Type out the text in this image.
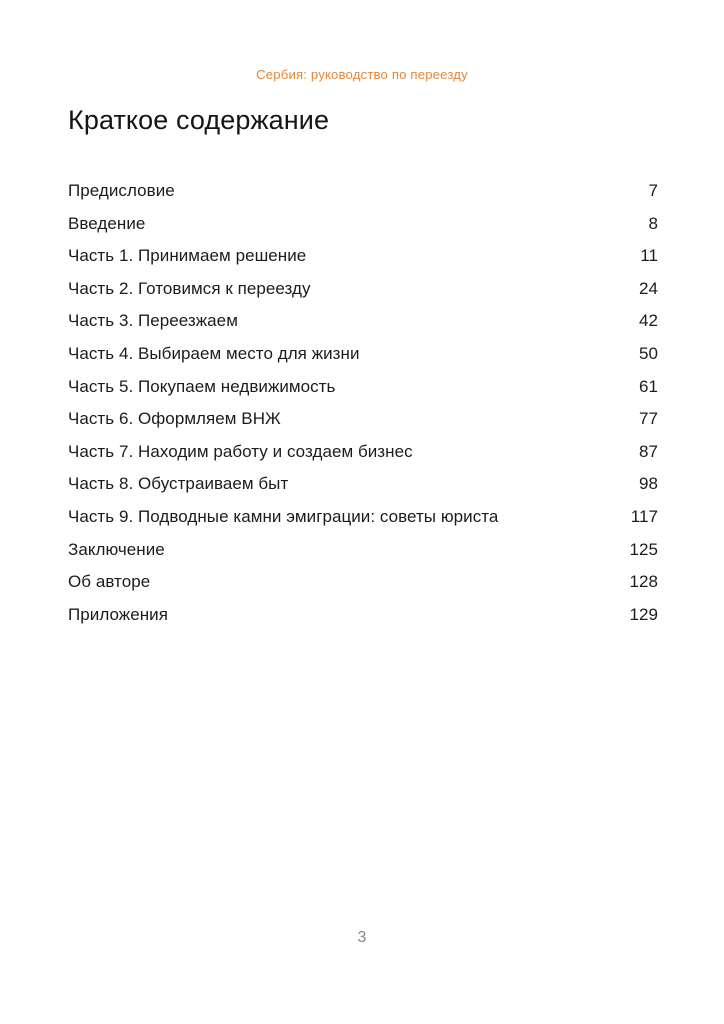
Сербия: руководство по переезду
Краткое содержание
Предисловие	7
Введение	8
Часть 1. Принимаем решение	11
Часть 2. Готовимся к переезду	24
Часть 3. Переезжаем	42
Часть 4. Выбираем место для жизни	50
Часть 5. Покупаем недвижимость	61
Часть 6. Оформляем ВНЖ	77
Часть 7. Находим работу и создаем бизнес	87
Часть 8. Обустраиваем быт	98
Часть 9. Подводные камни эмиграции: советы юриста	117
Заключение	125
Об авторе	128
Приложения	129
3
